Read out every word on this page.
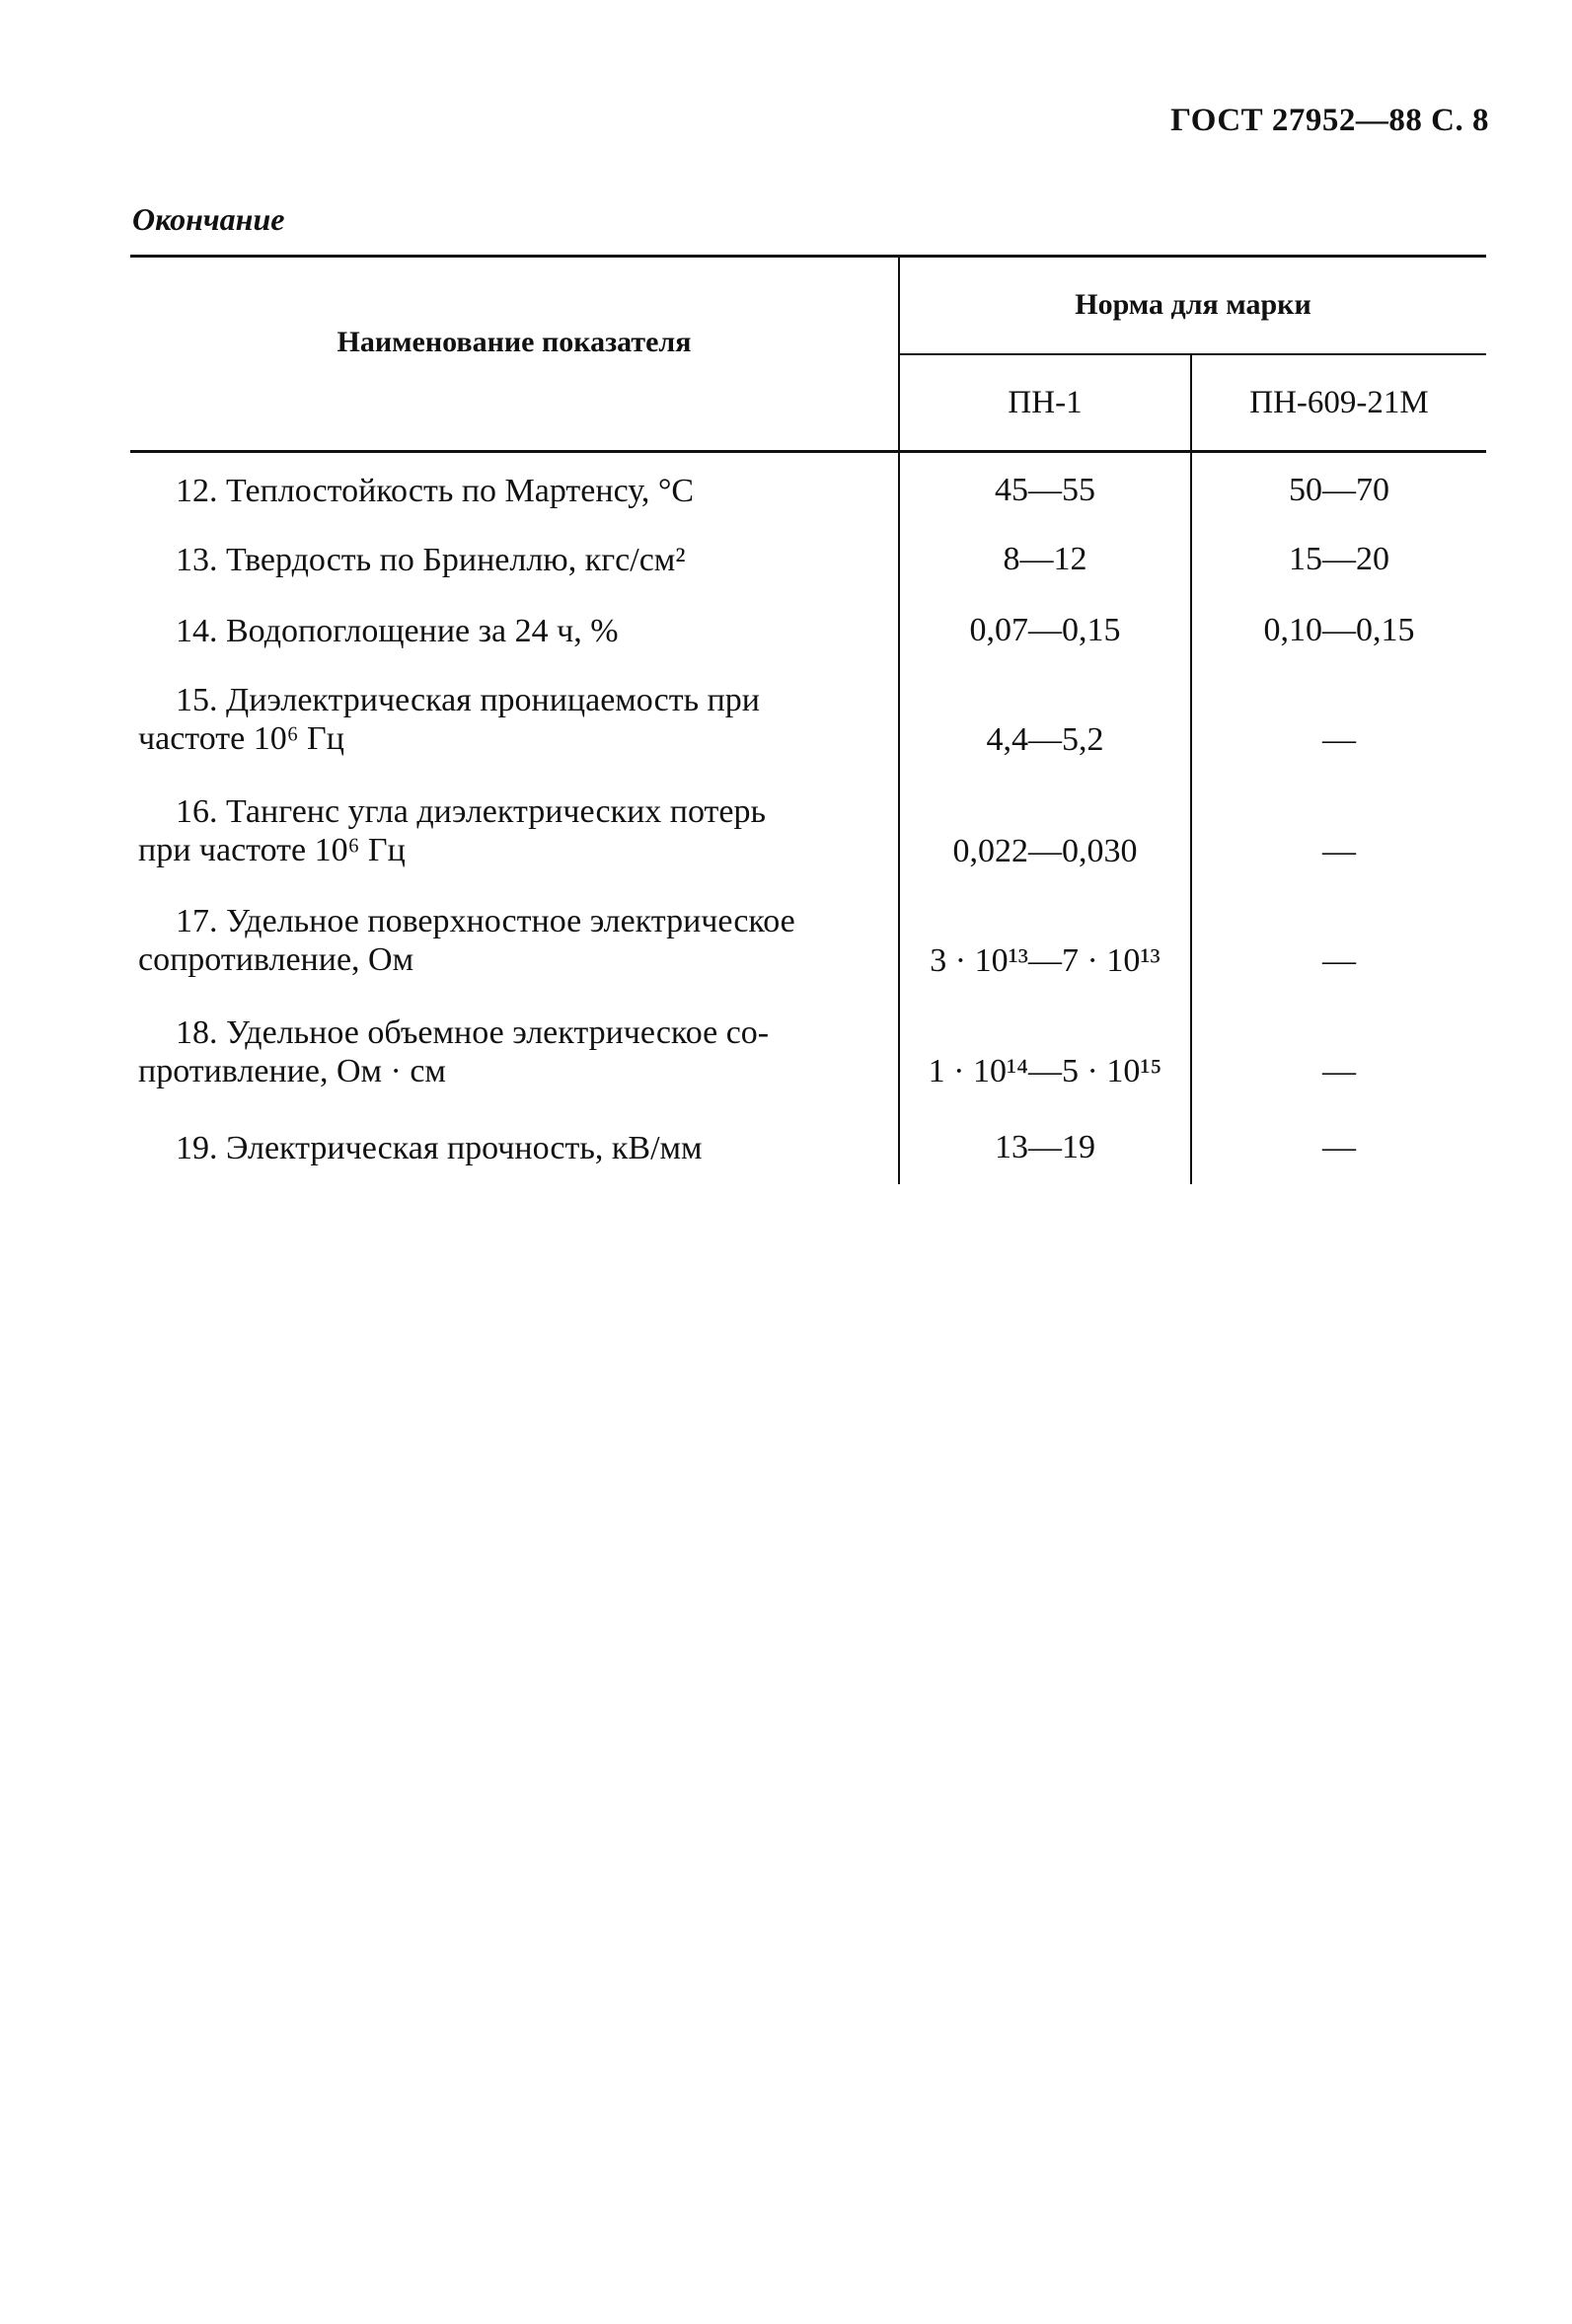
ГОСТ 27952—88 С. 8
Окончание
Наименование показателя
Норма для марки
ПН-1	ПН-609-21М
12. Теплостойкость по Мартенсу, °С	45—55	50—70
13. Твердость по Бринеллю, кгс/см²	8—12	15—20
14. Водопоглощение за 24 ч, %	0,07—0,15	0,10—0,15
15. Диэлектрическая проницаемость при
частоте 10⁶ Гц	4,4—5,2	—
16. Тангенс угла диэлектрических потерь
при частоте 10⁶ Гц	0,022—0,030	—
17. Удельное поверхностное электрическое
сопротивление, Ом	3 · 10¹³—7 · 10¹³	—
18. Удельное объемное электрическое со-
противление, Ом · см	1 · 10¹⁴—5 · 10¹⁵	—
19. Электрическая прочность, кВ/мм	13—19	—
